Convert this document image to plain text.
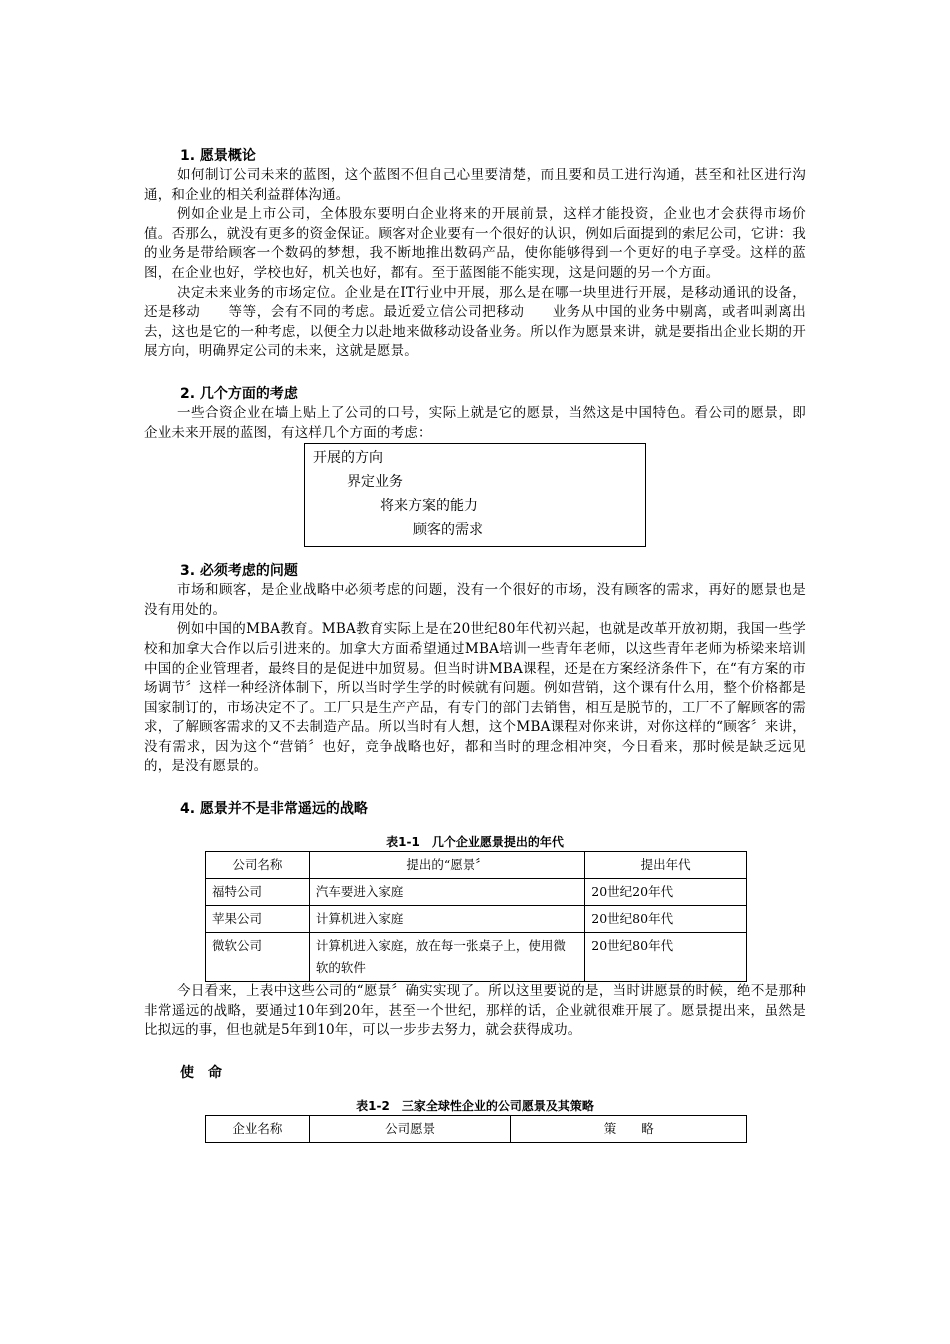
1. 愿景概论

如何制订公司未来的蓝图，这个蓝图不但自己心里要清楚，而且要和员工进行沟通，甚至和社区进行沟通，和企业的相关利益群体沟通。

例如企业是上市公司，全体股东要明白企业将来的开展前景，这样才能投资，企业也才会获得市场价值。否那么，就没有更多的资金保证。顾客对企业要有一个很好的认识，例如后面提到的索尼公司，它讲：我的业务是带给顾客一个数码的梦想，我不断地推出数码产品，使你能够得到一个更好的电子享受。这样的蓝图，在企业也好，学校也好，机关也好，都有。至于蓝图能不能实现，这是问题的另一个方面。

决定未来业务的市场定位。企业是在IT行业中开展，那么是在哪一块里进行开展，是移动通讯的设备，还是移动　　等等，会有不同的考虑。最近爱立信公司把移动　　业务从中国的业务中剔离，或者叫剥离出去，这也是它的一种考虑，以便全力以赴地来做移动设备业务。所以作为愿景来讲，就是要指出企业长期的开展方向，明确界定公司的未来，这就是愿景。

2. 几个方面的考虑

一些合资企业在墙上贴上了公司的口号，实际上就是它的愿景，当然这是中国特色。看公司的愿景，即企业未来开展的蓝图，有这样几个方面的考虑：

开展的方向
界定业务
将来方案的能力
顾客的需求

3. 必须考虑的问题

市场和顾客，是企业战略中必须考虑的问题，没有一个很好的市场，没有顾客的需求，再好的愿景也是没有用处的。

例如中国的MBA教育。MBA教育实际上是在20世纪80年代初兴起，也就是改革开放初期，我国一些学校和加拿大合作以后引进来的。加拿大方面希望通过MBA培训一些青年老师，以这些青年老师为桥梁来培训中国的企业管理者，最终目的是促进中加贸易。但当时讲MBA课程，还是在方案经济条件下，在“有方案的市场调节〞这样一种经济体制下，所以当时学生学的时候就有问题。例如营销，这个课有什么用，整个价格都是国家制订的，市场决定不了。工厂只是生产产品，有专门的部门去销售，相互是脱节的，工厂不了解顾客的需求，了解顾客需求的又不去制造产品。所以当时有人想，这个MBA课程对你来讲，对你这样的“顾客〞来讲，没有需求，因为这个“营销〞也好，竞争战略也好，都和当时的理念相冲突，今日看来，那时候是缺乏远见的，是没有愿景的。

4. 愿景并不是非常遥远的战略

表1-1　几个企业愿景提出的年代

公司名称	提出的“愿景〞	提出年代
福特公司	汽车要进入家庭	20世纪20年代
苹果公司	计算机进入家庭	20世纪80年代
微软公司	计算机进入家庭，放在每一张桌子上，使用微软的软件	20世纪80年代

今日看来，上表中这些公司的“愿景〞确实实现了。所以这里要说的是，当时讲愿景的时候，绝不是那种非常遥远的战略，要通过10年到20年，甚至一个世纪，那样的话，企业就很难开展了。愿景提出来，虽然是比拟远的事，但也就是5年到10年，可以一步步去努力，就会获得成功。

使　命

表1-2　三家全球性企业的公司愿景及其策略

企业名称	公司愿景	策　　略
